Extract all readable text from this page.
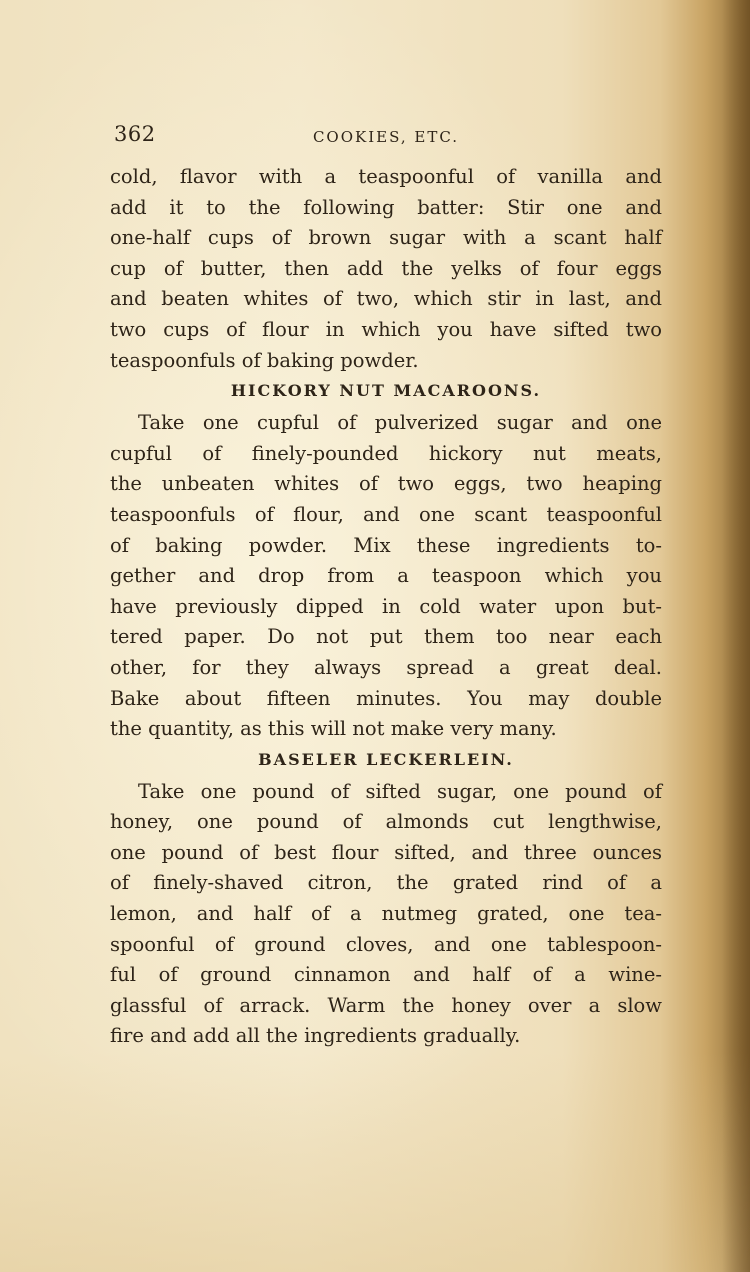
362	COOKIES, ETC.

cold, flavor with a teaspoonful of vanilla and
add it to the following batter: Stir one and
one-half cups of brown sugar with a scant half
cup of butter, then add the yelks of four eggs
and beaten whites of two, which stir in last, and
two cups of flour in which you have sifted two
teaspoonfuls of baking powder.

HICKORY NUT MACAROONS.

Take one cupful of pulverized sugar and one
cupful of finely-pounded hickory nut meats,
the unbeaten whites of two eggs, two heaping
teaspoonfuls of flour, and one scant teaspoonful
of baking powder. Mix these ingredients to-
gether and drop from a teaspoon which you
have previously dipped in cold water upon but-
tered paper. Do not put them too near each
other, for they always spread a great deal.
Bake about fifteen minutes. You may double
the quantity, as this will not make very many.

BASELER LECKERLEIN.

Take one pound of sifted sugar, one pound of
honey, one pound of almonds cut lengthwise,
one pound of best flour sifted, and three ounces
of finely-shaved citron, the grated rind of a
lemon, and half of a nutmeg grated, one tea-
spoonful of ground cloves, and one tablespoon-
ful of ground cinnamon and half of a wine-
glassful of arrack. Warm the honey over a slow
fire and add all the ingredients gradually.
